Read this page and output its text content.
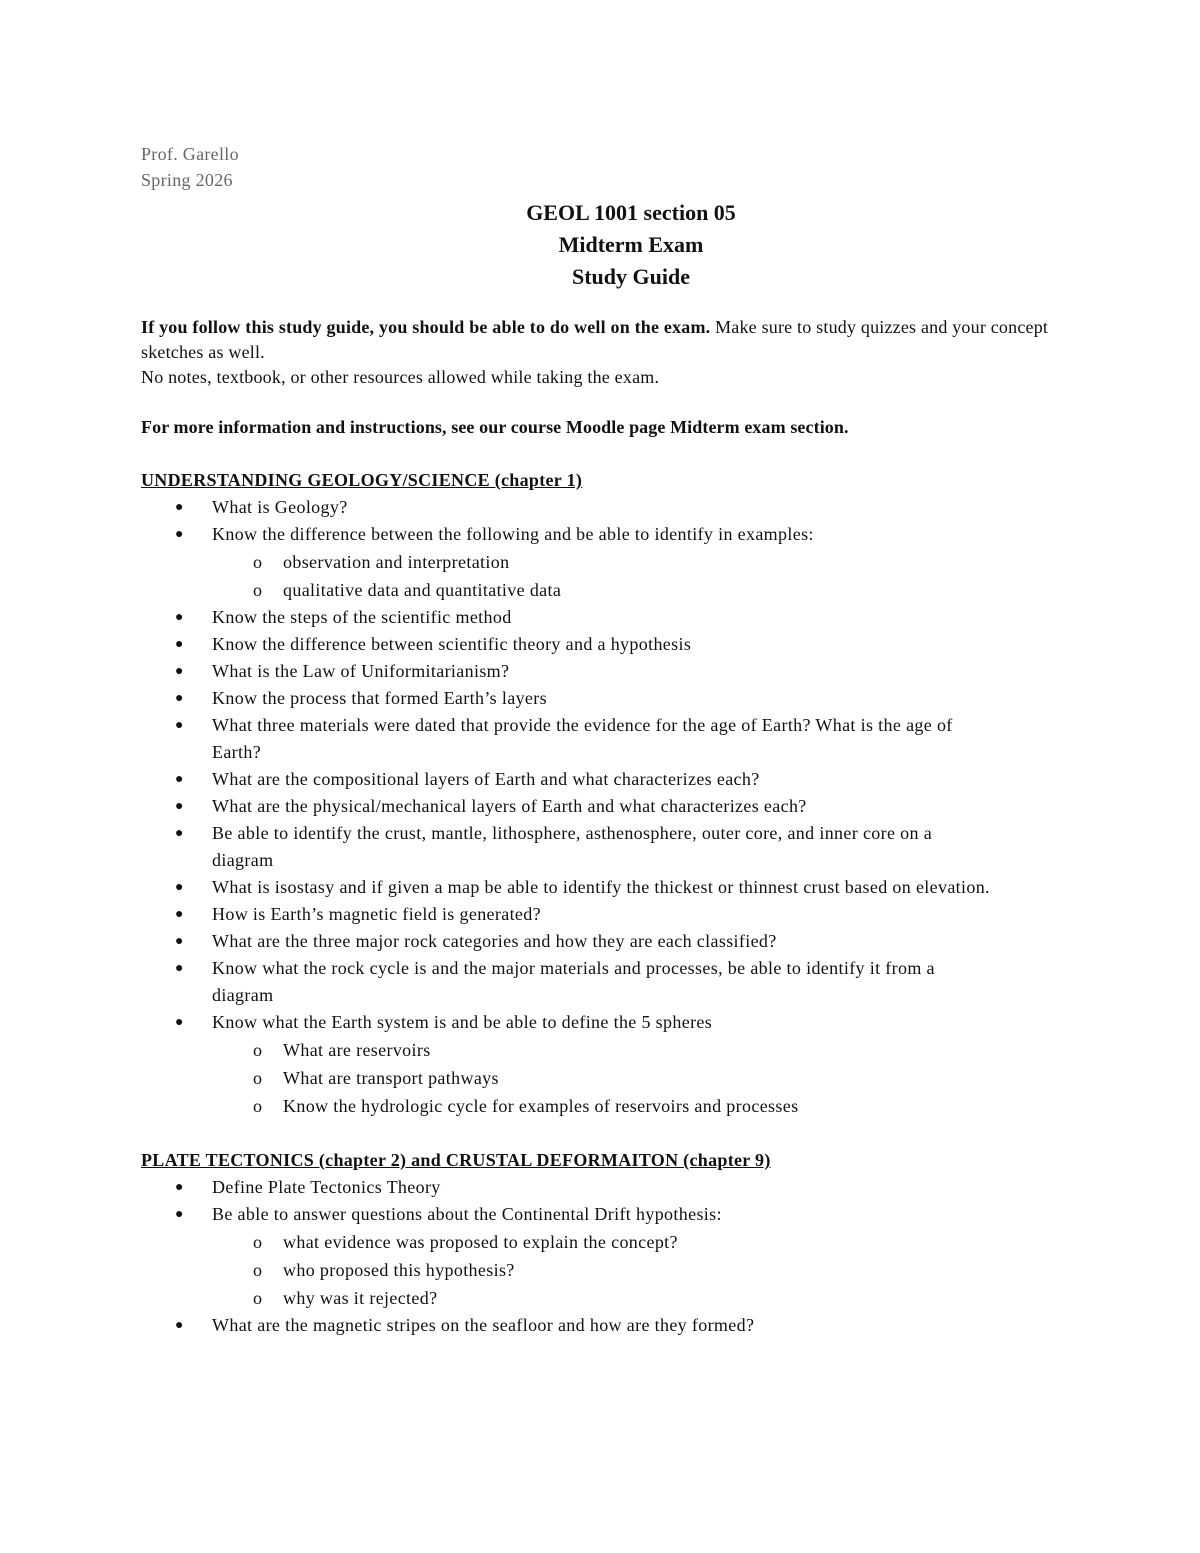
Prof. Garello
Spring 2026
GEOL 1001 section 05
Midterm Exam
Study Guide
If you follow this study guide, you should be able to do well on the exam. Make sure to study quizzes and your concept sketches as well.
No notes, textbook, or other resources allowed while taking the exam.
For more information and instructions, see our course Moodle page Midterm exam section.
UNDERSTANDING GEOLOGY/SCIENCE (chapter 1)
● What is Geology?
● Know the difference between the following and be able to identify in examples:
o observation and interpretation
o qualitative data and quantitative data
● Know the steps of the scientific method
● Know the difference between scientific theory and a hypothesis
● What is the Law of Uniformitarianism?
● Know the process that formed Earth’s layers
● What three materials were dated that provide the evidence for the age of Earth? What is the age of Earth?
● What are the compositional layers of Earth and what characterizes each?
● What are the physical/mechanical layers of Earth and what characterizes each?
● Be able to identify the crust, mantle, lithosphere, asthenosphere, outer core, and inner core on a diagram
● What is isostasy and if given a map be able to identify the thickest or thinnest crust based on elevation.
● How is Earth’s magnetic field is generated?
● What are the three major rock categories and how they are each classified?
● Know what the rock cycle is and the major materials and processes, be able to identify it from a diagram
● Know what the Earth system is and be able to define the 5 spheres
o What are reservoirs
o What are transport pathways
o Know the hydrologic cycle for examples of reservoirs and processes
PLATE TECTONICS (chapter 2) and CRUSTAL DEFORMAITON (chapter 9)
● Define Plate Tectonics Theory
● Be able to answer questions about the Continental Drift hypothesis:
o what evidence was proposed to explain the concept?
o who proposed this hypothesis?
o why was it rejected?
● What are the magnetic stripes on the seafloor and how are they formed?
